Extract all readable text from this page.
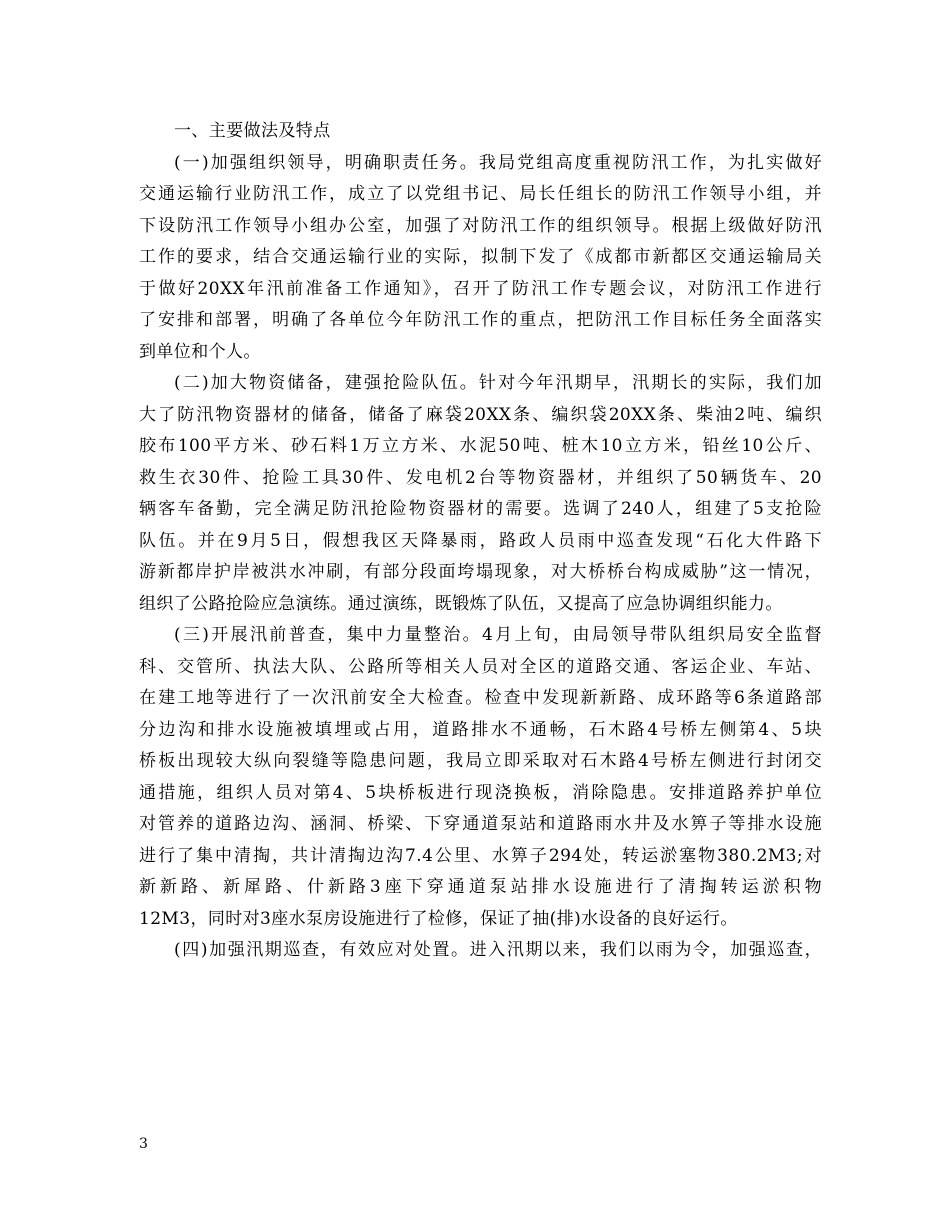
一、主要做法及特点
(一)加强组织领导，明确职责任务。我局党组高度重视防汛工作，为扎实做好
交通运输行业防汛工作，成立了以党组书记、局长任组长的防汛工作领导小组，并
下设防汛工作领导小组办公室，加强了对防汛工作的组织领导。根据上级做好防汛
工作的要求，结合交通运输行业的实际，拟制下发了《成都市新都区交通运输局关
于做好20XX年汛前准备工作通知》，召开了防汛工作专题会议，对防汛工作进行
了安排和部署，明确了各单位今年防汛工作的重点，把防汛工作目标任务全面落实
到单位和个人。
(二)加大物资储备，建强抢险队伍。针对今年汛期早，汛期长的实际，我们加
大了防汛物资器材的储备，储备了麻袋20XX条、编织袋20XX条、柴油2吨、编织
胶布100平方米、砂石料1万立方米、水泥50吨、桩木10立方米，铅丝10公斤、
救生衣30件、抢险工具30件、发电机2台等物资器材，并组织了50辆货车、20
辆客车备勤，完全满足防汛抢险物资器材的需要。选调了240人，组建了5支抢险
队伍。并在9月5日，假想我区天降暴雨，路政人员雨中巡查发现“石化大件路下
游新都岸护岸被洪水冲刷，有部分段面垮塌现象，对大桥桥台构成威胁”这一情况，
组织了公路抢险应急演练。通过演练，既锻炼了队伍，又提高了应急协调组织能力。
(三)开展汛前普查，集中力量整治。4月上旬，由局领导带队组织局安全监督
科、交管所、执法大队、公路所等相关人员对全区的道路交通、客运企业、车站、
在建工地等进行了一次汛前安全大检查。检查中发现新新路、成环路等6条道路部
分边沟和排水设施被填埋或占用，道路排水不通畅，石木路4号桥左侧第4、5块
桥板出现较大纵向裂缝等隐患问题，我局立即采取对石木路4号桥左侧进行封闭交
通措施，组织人员对第4、5块桥板进行现浇换板，消除隐患。安排道路养护单位
对管养的道路边沟、涵洞、桥梁、下穿通道泵站和道路雨水井及水箅子等排水设施
进行了集中清掏，共计清掏边沟7.4公里、水箅子294处，转运淤塞物380.2M3;对
新新路、新犀路、什新路3座下穿通道泵站排水设施进行了清掏转运淤积物
12M3，同时对3座水泵房设施进行了检修，保证了抽(排)水设备的良好运行。
(四)加强汛期巡查，有效应对处置。进入汛期以来，我们以雨为令，加强巡查，
3
